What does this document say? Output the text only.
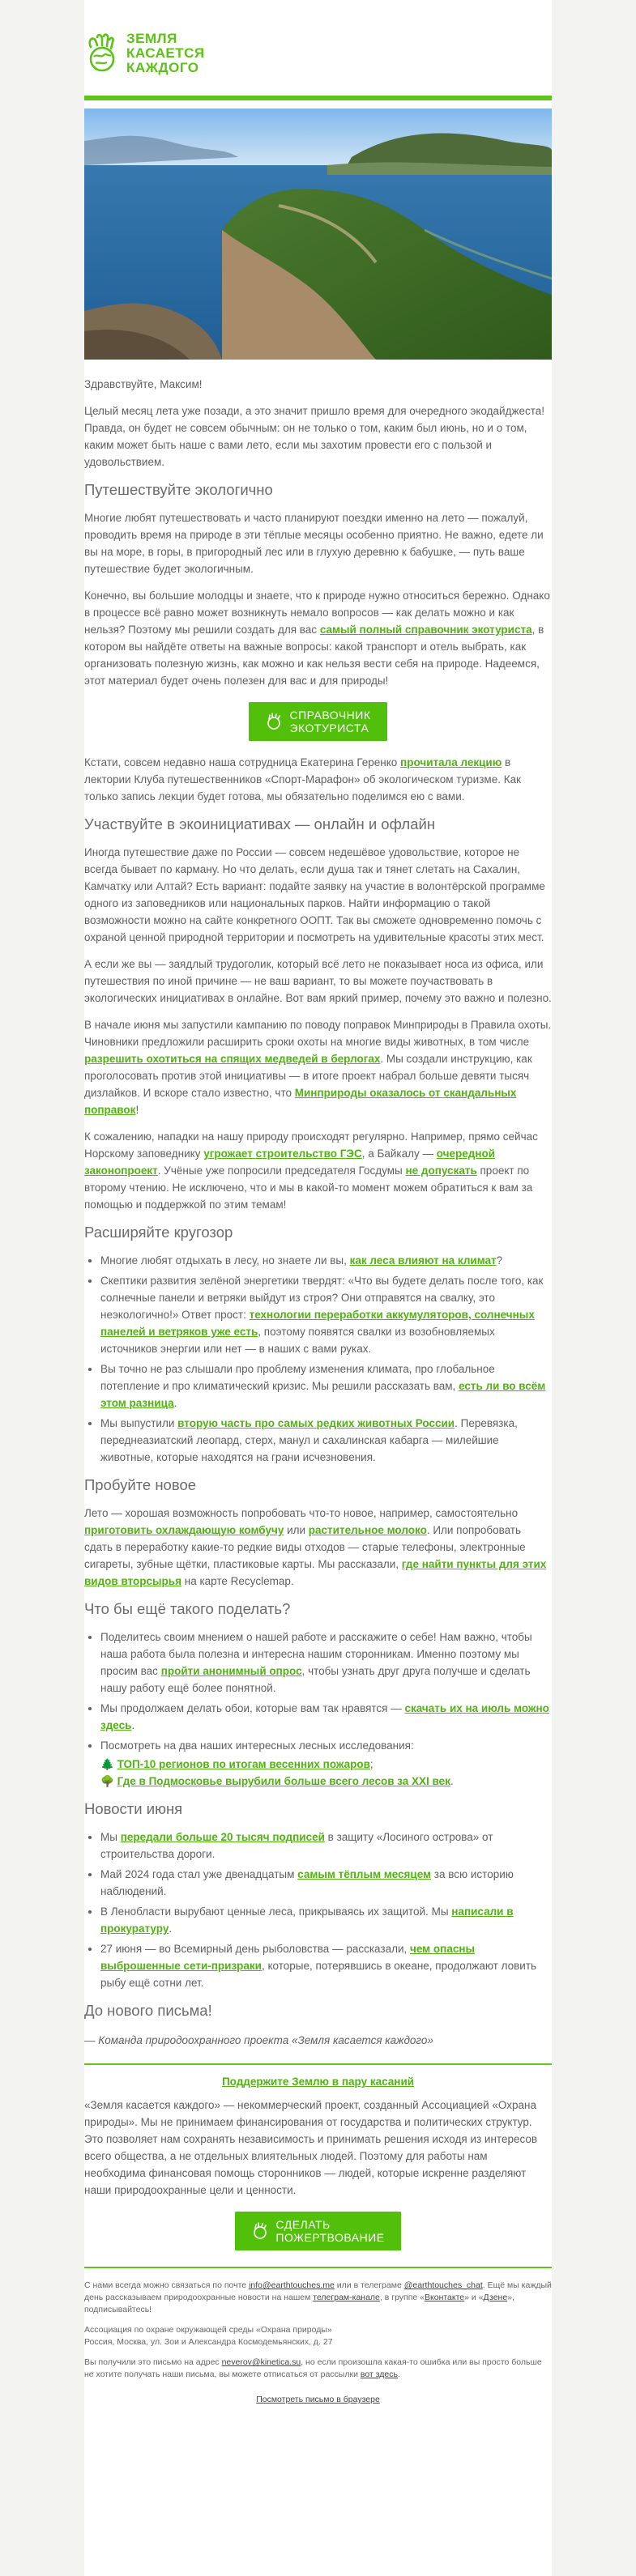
ЗЕМЛЯ
КАСАЕТСЯ
КАЖДОГО

Здравствуйте, Максим!

Целый месяц лета уже позади, а это значит пришло время для очередного экодайджеста! Правда, он будет не совсем обычным: он не только о том, каким был июнь, но и о том, каким может быть наше с вами лето, если мы захотим провести его с пользой и удовольствием.

Путешествуйте экологично

Многие любят путешествовать и часто планируют поездки именно на лето — пожалуй, проводить время на природе в эти тёплые месяцы особенно приятно. Не важно, едете ли вы на море, в горы, в пригородный лес или в глухую деревню к бабушке, — путь ваше путешествие будет экологичным.

Конечно, вы большие молодцы и знаете, что к природе нужно относиться бережно. Однако в процессе всё равно может возникнуть немало вопросов — как делать можно и как нельзя? Поэтому мы решили создать для вас самый полный справочник экотуриста, в котором вы найдёте ответы на важные вопросы: какой транспорт и отель выбрать, как организовать полезную жизнь, как можно и как нельзя вести себя на природе. Надеемся, этот материал будет очень полезен для вас и для природы!

СПРАВОЧНИК
ЭКОТУРИСТА

Кстати, совсем недавно наша сотрудница Екатерина Геренко прочитала лекцию в лектории Клуба путешественников «Спорт-Марафон» об экологическом туризме. Как только запись лекции будет готова, мы обязательно поделимся ею с вами.

Участвуйте в экоинициативах — онлайн и офлайн

Иногда путешествие даже по России — совсем недешёвое удовольствие, которое не всегда бывает по карману. Но что делать, если душа так и тянет слетать на Сахалин, Камчатку или Алтай? Есть вариант: подайте заявку на участие в волонтёрской программе одного из заповедников или национальных парков. Найти информацию о такой возможности можно на сайте конкретного ООПТ. Так вы сможете одновременно помочь с охраной ценной природной территории и посмотреть на удивительные красоты этих мест.

А если же вы — заядлый трудоголик, который всё лето не показывает носа из офиса, или путешествия по иной причине — не ваш вариант, то вы можете поучаствовать в экологических инициативах в онлайне. Вот вам яркий пример, почему это важно и полезно.

В начале июня мы запустили кампанию по поводу поправок Минприроды в Правила охоты. Чиновники предложили расширить сроки охоты на многие виды животных, в том числе разрешить охотиться на спящих медведей в берлогах. Мы создали инструкцию, как проголосовать против этой инициативы — в итоге проект набрал больше девяти тысяч дизлайков. И вскоре стало известно, что Минприроды оказалось от скандальных поправок!

К сожалению, нападки на нашу природу происходят регулярно. Например, прямо сейчас Норскому заповеднику угрожает строительство ГЭС, а Байкалу — очередной законопроект. Учёные уже попросили председателя Госдумы не допускать проект по второму чтению. Не исключено, что и мы в какой-то момент можем обратиться к вам за помощью и поддержкой по этим темам!

Расширяйте кругозор
• Многие любят отдыхать в лесу, но знаете ли вы, как леса влияют на климат?
• Скептики развития зелёной энергетики твердят: «Что вы будете делать после того, как солнечные панели и ветряки выйдут из строя? Они отправятся на свалку, это неэкологично!» Ответ прост: технологии переработки аккумуляторов, солнечных панелей и ветряков уже есть, поэтому появятся свалки из возобновляемых источников энергии или нет — в наших с вами руках.
• Вы точно не раз слышали про проблему изменения климата, про глобальное потепление и про климатический кризис. Мы решили рассказать вам, есть ли во всём этом разница.
• Мы выпустили вторую часть про самых редких животных России. Перевязка, переднеазиатский леопард, стерх, манул и сахалинская кабарга — милейшие животные, которые находятся на грани исчезновения.
Пробуйте новое

Лето — хорошая возможность попробовать что-то новое, например, самостоятельно приготовить охлаждающую комбучу или растительное молоко. Или попробовать сдать в переработку какие-то редкие виды отходов — старые телефоны, электронные сигареты, зубные щётки, пластиковые карты. Мы рассказали, где найти пункты для этих видов вторсырья на карте Recyclemap.

Что бы ещё такого поделать?
• Поделитесь своим мнением о нашей работе и расскажите о себе! Нам важно, чтобы наша работа была полезна и интересна нашим сторонникам. Именно поэтому мы просим вас пройти анонимный опрос, чтобы узнать друг друга получше и сделать нашу работу ещё более понятной.
• Мы продолжаем делать обои, которые вам так нравятся — скачать их на июль можно здесь.
• Посмотреть на два наших интересных лесных исследования:
🌲 ТОП-10 регионов по итогам весенних пожаров;
🌳 Где в Подмосковье вырубили больше всего лесов за XXI век.
Новости июня
• Мы передали больше 20 тысяч подписей в защиту «Лосиного острова» от строительства дороги.
• Май 2024 года стал уже двенадцатым самым тёплым месяцем за всю историю наблюдений.
• В Ленобласти вырубают ценные леса, прикрываясь их защитой. Мы написали в прокуратуру.
• 27 июня — во Всемирный день рыболовства — рассказали, чем опасны выброшенные сети-призраки, которые, потерявшись в океане, продолжают ловить рыбу ещё сотни лет.
До нового письма!

— Команда природоохранного проекта «Земля касается каждого»

Поддержите Землю в пару касаний

«Земля касается каждого» — некоммерческий проект, созданный Ассоциацией «Охрана природы». Мы не принимаем финансирования от государства и политических структур. Это позволяет нам сохранять независимость и принимать решения исходя из интересов всего общества, а не отдельных влиятельных людей. Поэтому для работы нам необходима финансовая помощь сторонников — людей, которые искренне разделяют наши природоохранные цели и ценности.

СДЕЛАТЬ
ПОЖЕРТВОВАНИЕ

С нами всегда можно связаться по почте info@earthtouches.me или в телеграме @earthtouches_chat. Ещё мы каждый день рассказываем природоохранные новости на нашем телеграм-канале, в группе «Вконтакте» и «Дзене», подписывайтесь!

Ассоциация по охране окружающей среды «Охрана природы»
Россия, Москва, ул. Зои и Александра Космодемьянских, д. 27

Вы получили это письмо на адрес neverov@kinetica.su, но если произошла какая-то ошибка или вы просто больше не хотите получать наши письма, вы можете отписаться от рассылки вот здесь.

Посмотреть письмо в браузере
